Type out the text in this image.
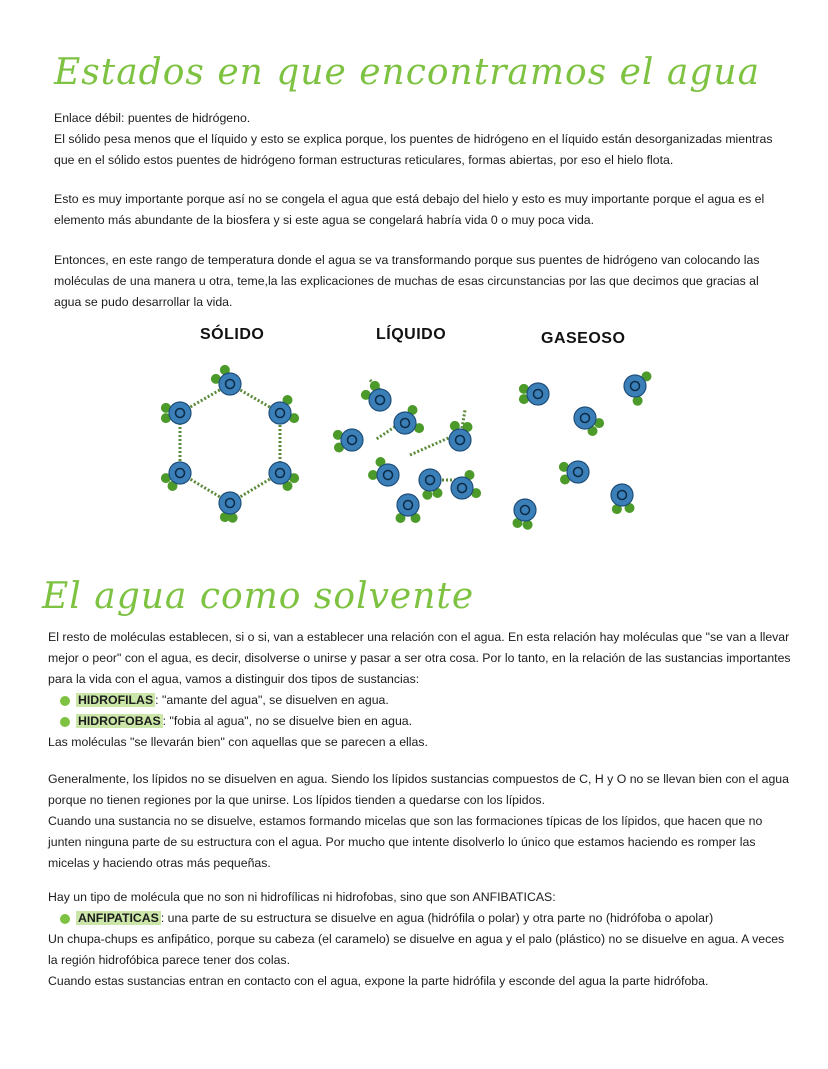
Estados en que encontramos el agua

Enlace débil: puentes de hidrógeno.

El sólido pesa menos que el líquido y esto se explica porque, los puentes de hidrógeno en el líquido están desorganizadas mientras que en el sólido estos puentes de hidrógeno forman estructuras reticulares, formas abiertas, por eso el hielo flota.

Esto es muy importante porque así no se congela el agua que está debajo del hielo y esto es muy importante porque el agua es el elemento más abundante de la biosfera y si este agua se congelará habría vida 0 o muy poca vida.

Entonces, en este rango de temperatura donde el agua se va transformando porque sus puentes de hidrógeno van colocando las moléculas de una manera u otra, teme,la las explicaciones de muchas de esas circunstancias por las que decimos que gracias al agua se pudo desarrollar la vida.

SÓLIDO	LÍQUIDO	GASEOSO
El agua como solvente

El resto de moléculas establecen, si o si, van a establecer una relación con el agua. En esta relación hay moléculas que "se van a llevar mejor o peor" con el agua, es decir, disolverse o unirse y pasar a ser otra cosa. Por lo tanto, en la relación de las sustancias importantes para la vida con el agua, vamos a distinguir dos tipos de sustancias:

HIDROFILAS : "amante del agua", se disuelven en agua.

HIDROFOBAS : "fobia al agua", no se disuelve bien en agua.

Las moléculas "se llevarán bien" con aquellas que se parecen a ellas.

Generalmente, los lípidos no se disuelven en agua. Siendo los lípidos sustancias compuestos de C, H y O no se llevan bien con el agua porque no tienen regiones por la que unirse. Los lípidos tienden a quedarse con los lípidos.

Cuando una sustancia no se disuelve, estamos formando micelas que son las formaciones típicas de los lípidos, que hacen que no junten ninguna parte de su estructura con el agua. Por mucho que intente disolverlo lo único que estamos haciendo es romper las micelas y haciendo otras más pequeñas.

Hay un tipo de molécula que no son ni hidrofílicas ni hidrofobas, sino que son ANFIBATICAS:

ANFIPATICAS : una parte de su estructura se disuelve en agua (hidrófila o polar) y otra parte no (hidrófoba o apolar)

Un chupa-chups es anfipático, porque su cabeza (el caramelo) se disuelve en agua y el palo (plástico) no se disuelve en agua. A veces la región hidrofóbica parece tener dos colas.

Cuando estas sustancias entran en contacto con el agua, expone la parte hidrófila y esconde del agua la parte hidrófoba.
